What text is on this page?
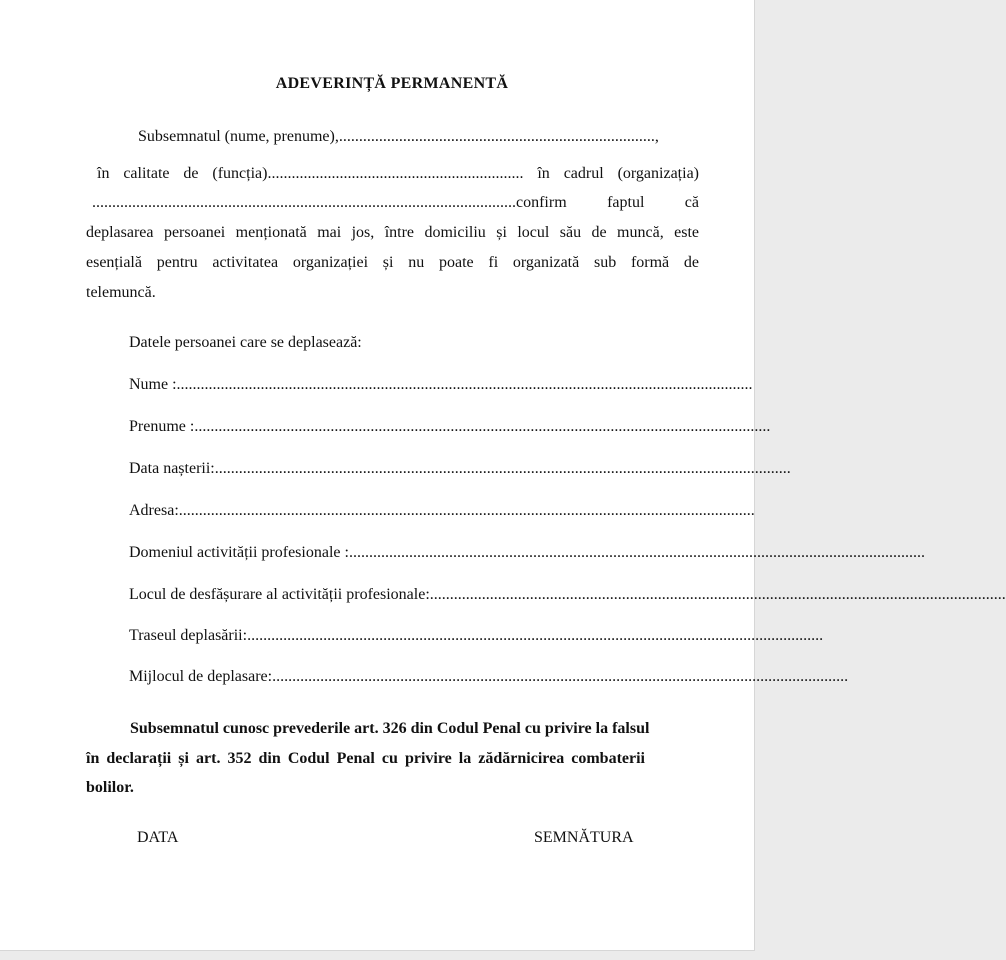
ADEVERINȚĂ PERMANENTĂ
Subsemnatul (nume, prenume),...............................................................................,
în calitate de (funcția)................................................................ în cadrul (organizația)
..........................................................................................................confirm faptul că
deplasarea persoanei menționată mai jos, între domiciliu și locul său de muncă, este
esențială pentru activitatea organizației și nu poate fi organizată sub formă de
telemuncă.
Datele persoanei care se deplasează:
Nume : ................................................................................................................................................
Prenume : ................................................................................................................................................
Data nașterii: ................................................................................................................................................
Adresa: ................................................................................................................................................
Domeniul activității profesionale : ................................................................................................................................................
Locul de desfășurare al activității profesionale: ................................................................................................................................................
Traseul deplasării: ................................................................................................................................................
Mijlocul de deplasare: ................................................................................................................................................
Subsemnatul cunosc prevederile art. 326 din Codul Penal cu privire la falsul
în declarații și art. 352 din Codul Penal cu privire la zădărnicirea combaterii
bolilor.
DATA	SEMNĂTURA
